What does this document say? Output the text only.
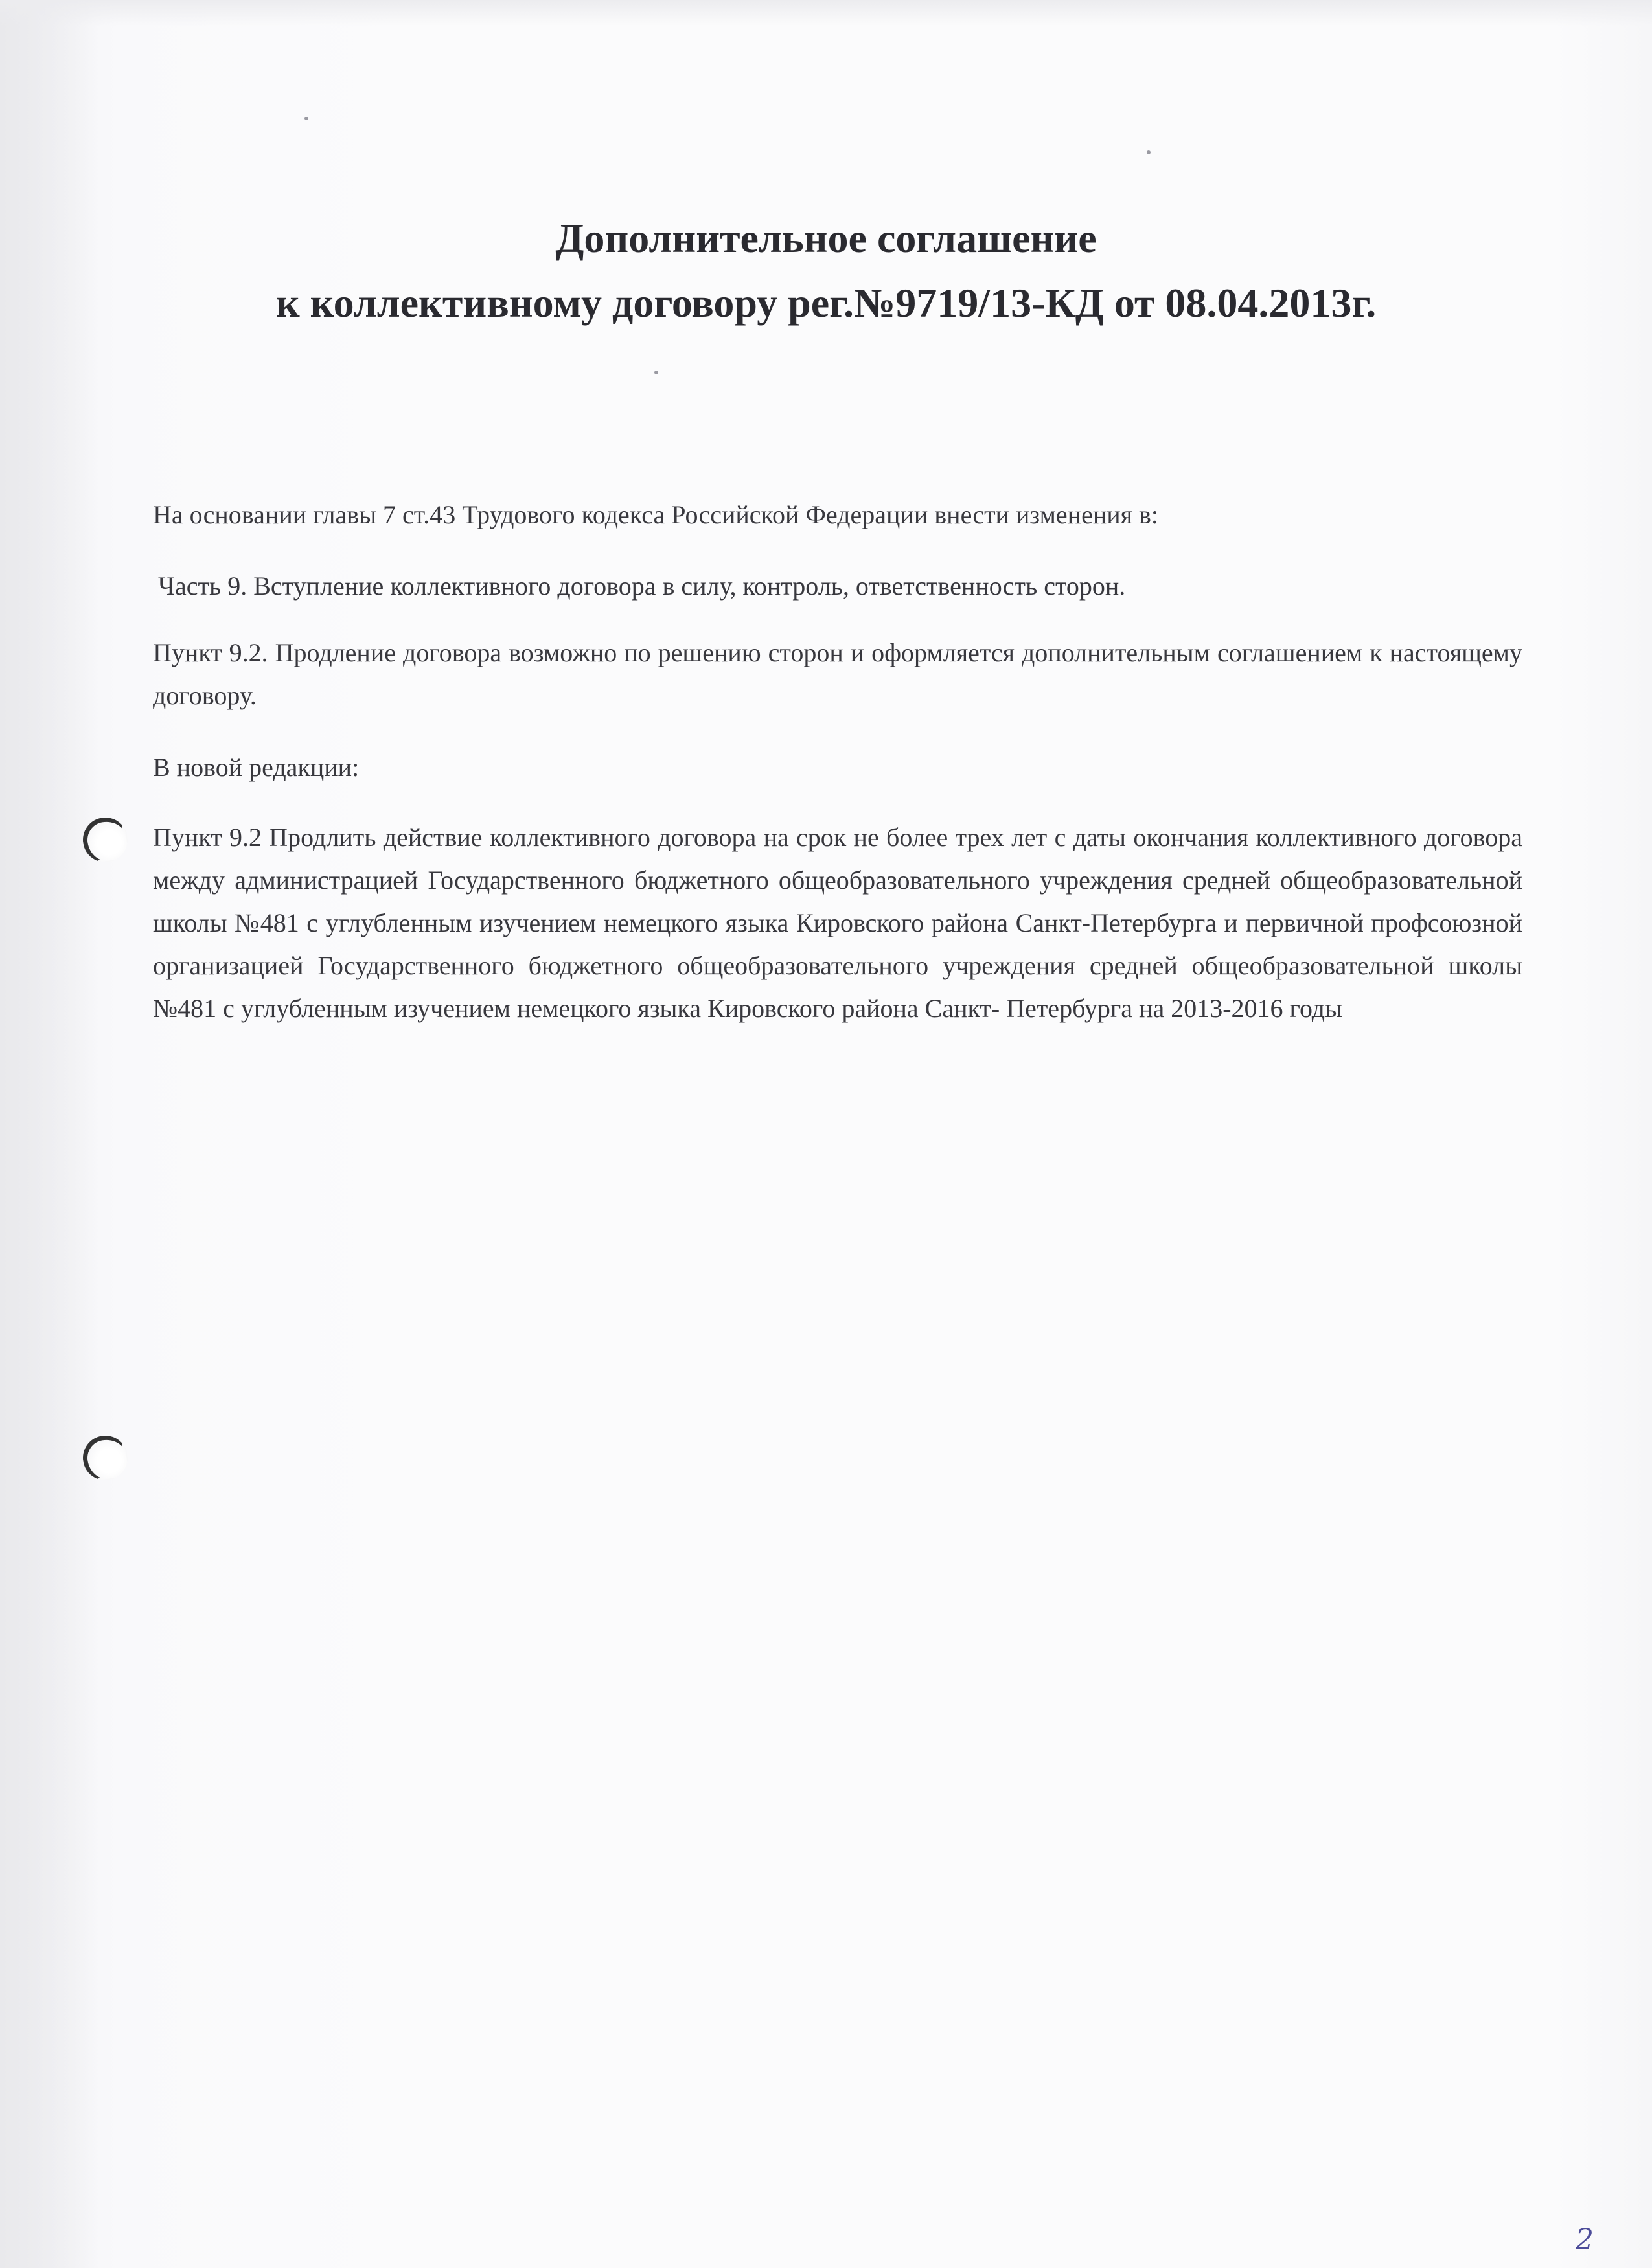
Дополнительное соглашение
к коллективному договору рег.№9719/13-КД от 08.04.2013г.

На основании главы 7 ст.43 Трудового кодекса Российской Федерации внести изменения в:

Часть 9. Вступление коллективного договора в силу, контроль, ответственность сторон.

Пункт 9.2. Продление договора возможно по решению сторон и оформляется дополнительным соглашением к настоящему договору.

В новой редакции:

Пункт 9.2 Продлить действие коллективного договора на срок не более трех лет с даты окончания коллективного договора между администрацией Государственного бюджетного общеобразовательного учреждения средней общеобразовательной школы №481 с углубленным изучением немецкого языка Кировского района Санкт-Петербурга и первичной профсоюзной организацией Государственного бюджетного общеобразовательного учреждения средней общеобразовательной школы №481 с углубленным изучением немецкого языка Кировского района Санкт- Петербурга на 2013-2016 годы

2
